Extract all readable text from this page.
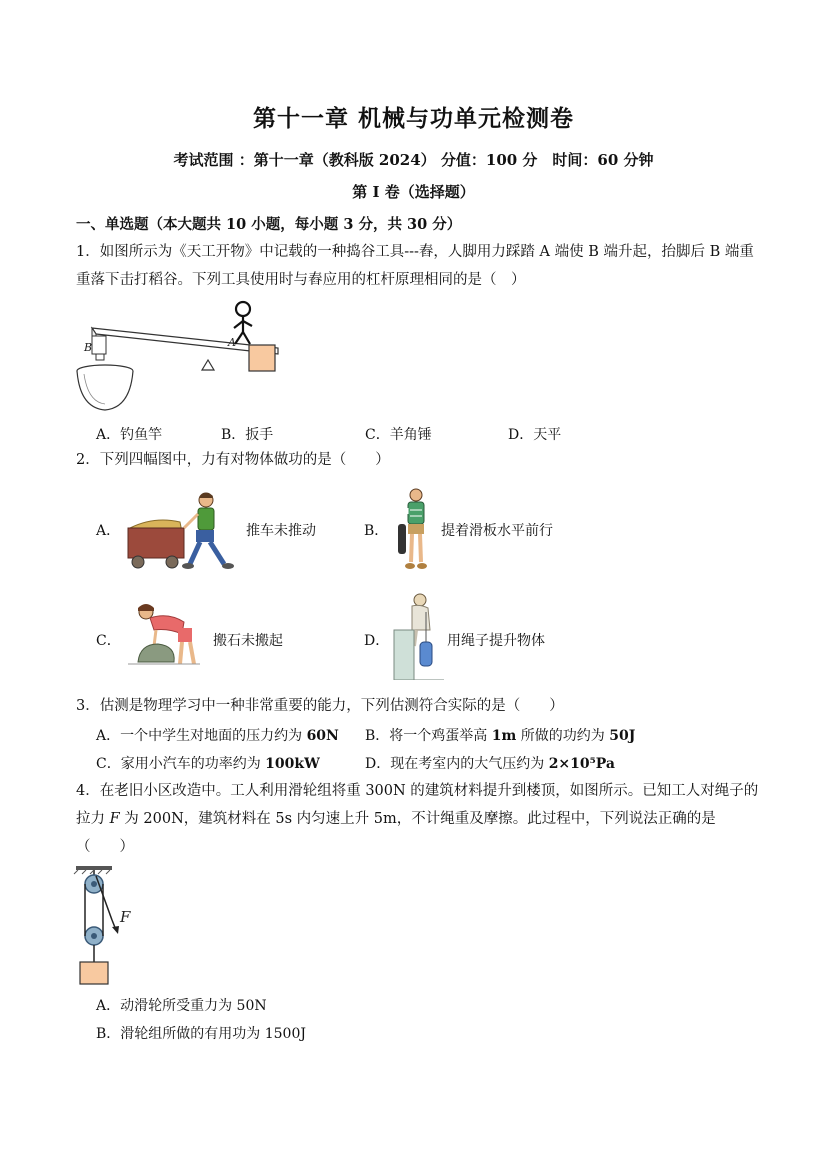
第十一章 机械与功单元检测卷
考试范围 ：第十一章（教科版 2024） 分值：100 分　时间：60 分钟
第 I 卷（选择题）
一、单选题（本大题共 10 小题，每小题 3 分，共 30 分）
1．如图所示为《天工开物》中记载的一种捣谷工具---舂，人脚用力踩踏 A 端使 B 端升起，抬脚后 B 端重
重落下击打稻谷。下列工具使用时与舂应用的杠杆原理相同的是（　）
B	A
A．钓鱼竿	B．扳手	C．羊角锤	D．天平
2．下列四幅图中，力有对物体做功的是（　　）
A．	推车未推动	B．	提着滑板水平前行
C．	搬石未搬起	D．	用绳子提升物体
3．估测是物理学习中一种非常重要的能力，下列估测符合实际的是（　　）
A．一个中学生对地面的压力约为 60N B．将一个鸡蛋举高 1m 所做的功约为 50J
C．家用小汽车的功率约为 100kW	D．现在考室内的大气压约为 2×10⁵Pa
4．在老旧小区改造中。工人利用滑轮组将重 300N 的建筑材料提升到楼顶，如图所示。已知工人对绳子的
拉力 F 为 200N，建筑材料在 5s 内匀速上升 5m，不计绳重及摩擦。此过程中，下列说法正确的是
（　　）
F
A．动滑轮所受重力为 50N
B．滑轮组所做的有用功为 1500J
